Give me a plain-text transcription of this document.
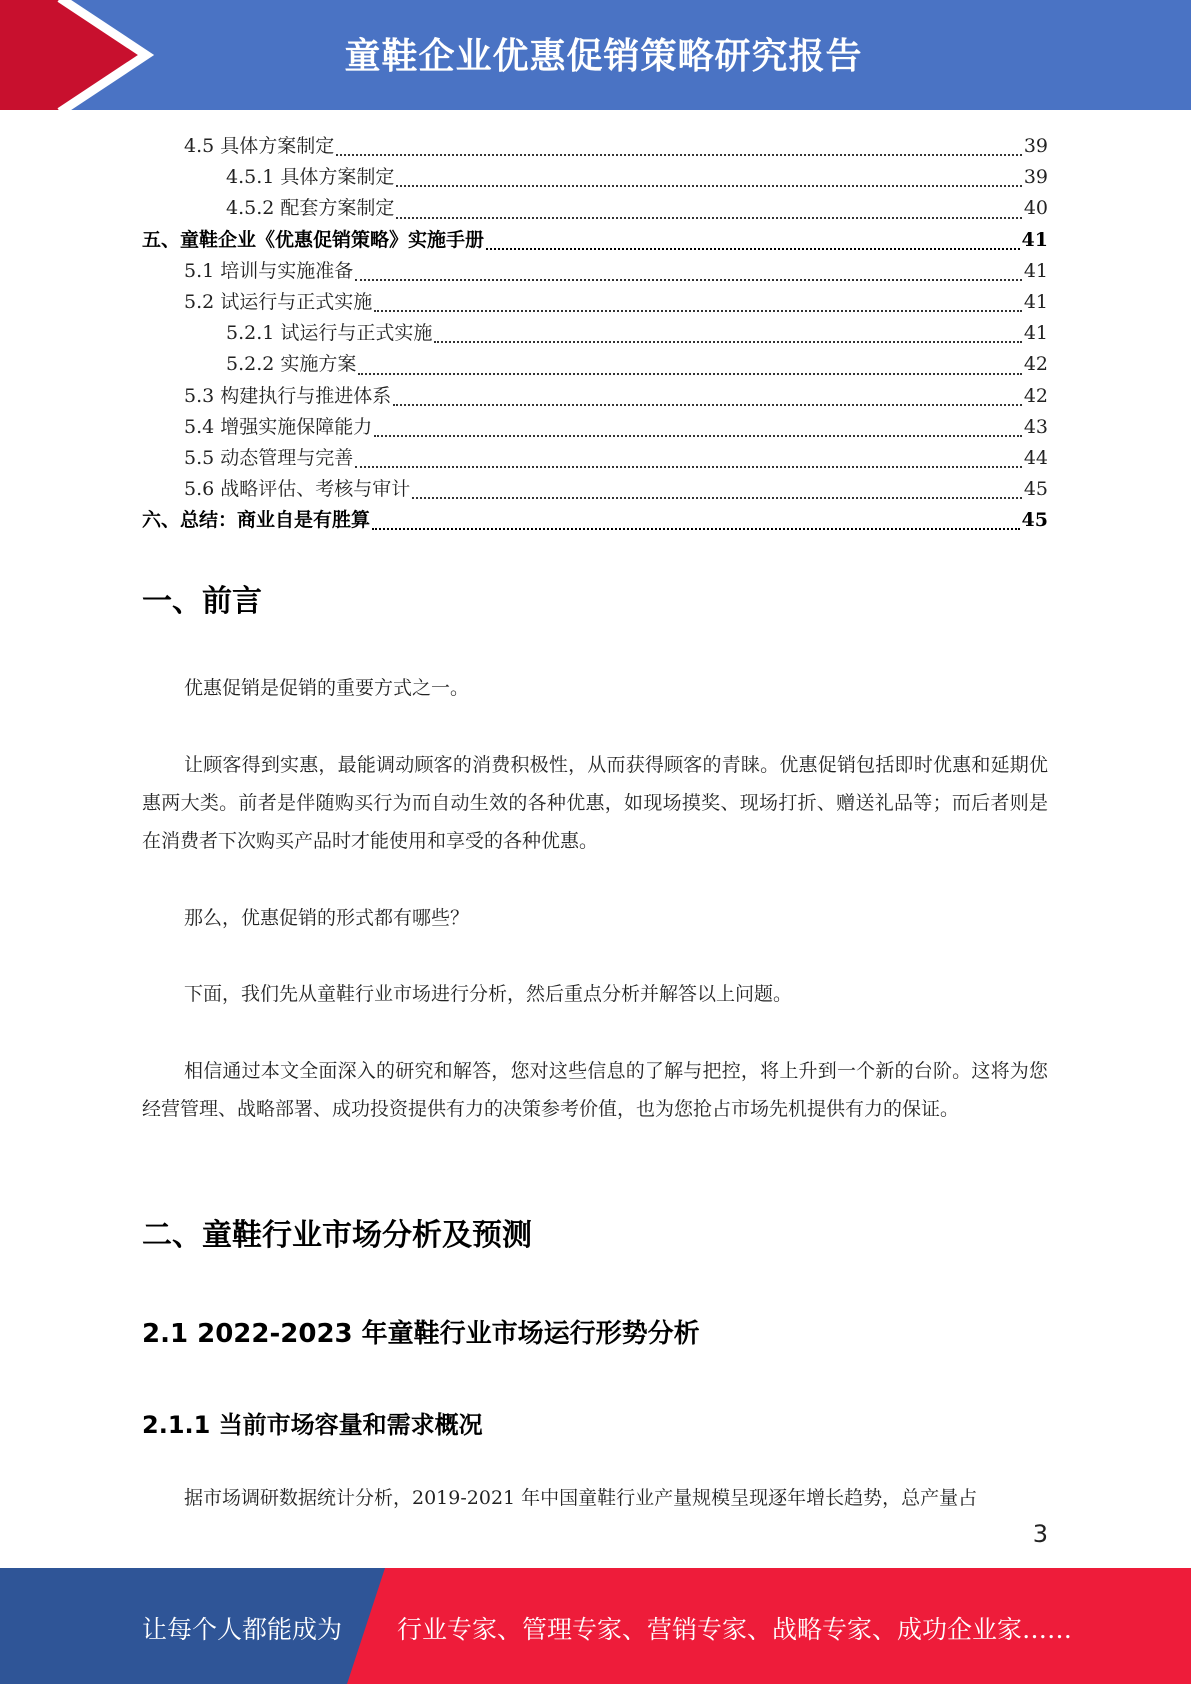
童鞋企业优惠促销策略研究报告
4.5 具体方案制定	39
4.5.1 具体方案制定	39
4.5.2 配套方案制定	40
五、童鞋企业《优惠促销策略》实施手册	41
5.1 培训与实施准备	41
5.2 试运行与正式实施	41
5.2.1 试运行与正式实施	41
5.2.2 实施方案	42
5.3 构建执行与推进体系	42
5.4 增强实施保障能力	43
5.5 动态管理与完善	44
5.6 战略评估、考核与审计	45
六、总结：商业自是有胜算	45
一、前言

优惠促销是促销的重要方式之一。

让顾客得到实惠，最能调动顾客的消费积极性，从而获得顾客的青睐。优惠促销包括即时优惠和延期优惠两大类。前者是伴随购买行为而自动生效的各种优惠，如现场摸奖、现场打折、赠送礼品等；而后者则是在消费者下次购买产品时才能使用和享受的各种优惠。

那么，优惠促销的形式都有哪些？

下面，我们先从童鞋行业市场进行分析，然后重点分析并解答以上问题。

相信通过本文全面深入的研究和解答，您对这些信息的了解与把控，将上升到一个新的台阶。这将为您经营管理、战略部署、成功投资提供有力的决策参考价值，也为您抢占市场先机提供有力的保证。

二、童鞋行业市场分析及预测
2.1 2022-2023 年童鞋行业市场运行形势分析
2.1.1 当前市场容量和需求概况

据市场调研数据统计分析，2019-2021 年中国童鞋行业产量规模呈现逐年增长趋势，总产量占

3
让每个人都能成为 行业专家、管理专家、营销专家、战略专家、成功企业家……
